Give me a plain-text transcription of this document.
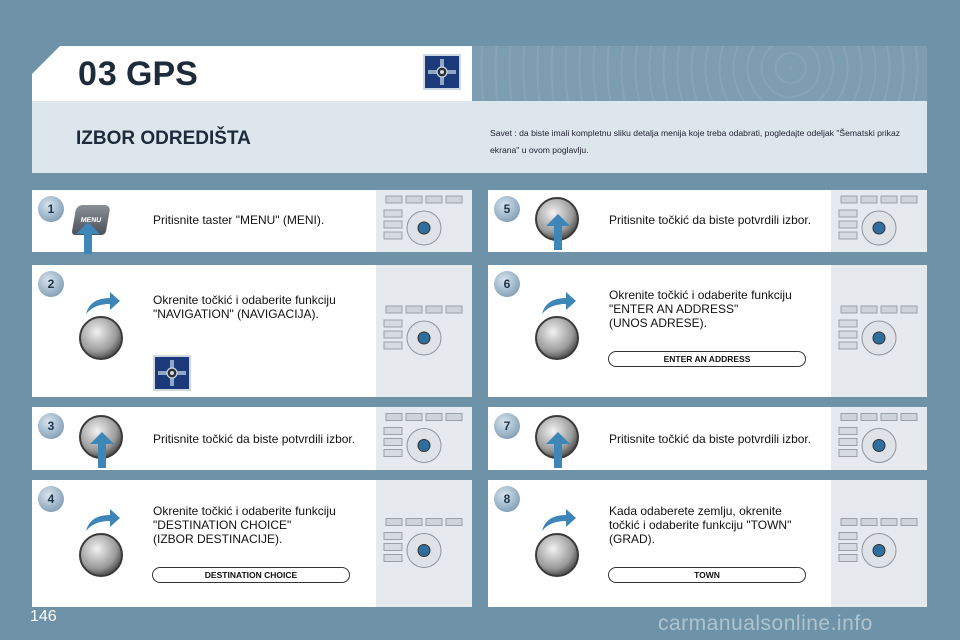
03 GPS
IZBOR ODREDIŠTA	Savet : da biste imali kompletnu sliku detalja menija koje treba odabrati, pogledajte odeljak "Šematski prikaz ekrana" u ovom poglavlju.
1
2
3
4
5
6
7
8
Pritisnite taster "MENU" (MENI).
Okrenite točkić i odaberite funkciju
"NAVIGATION" (NAVIGACIJA).
Pritisnite točkić da biste potvrdili izbor.
Okrenite točkić i odaberite funkciju
"DESTINATION CHOICE"
(IZBOR DESTINACIJE).
Pritisnite točkić da biste potvrdili izbor.
Okrenite točkić i odaberite funkciju
"ENTER AN ADDRESS"
(UNOS ADRESE).
Pritisnite točkić da biste potvrdili izbor.
Kada odaberete zemlju, okrenite
točkić i odaberite funkciju "TOWN"
(GRAD).
MENU
DESTINATION CHOICE
ENTER AN ADDRESS
TOWN
146	carmanualsonline.info
